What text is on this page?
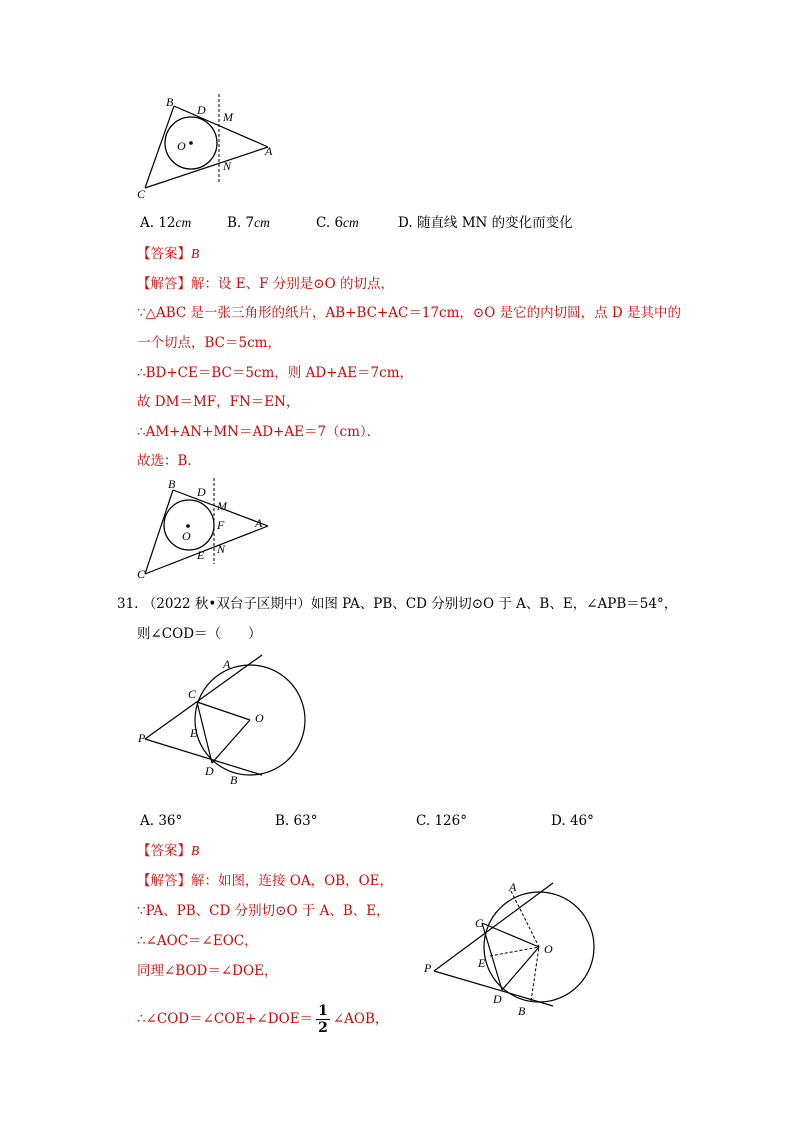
B
D M
O	A
N
C
A. 12cm	B. 7cm	C. 6cm	D. 随直线 MN 的变化而变化
【答案】B
【解答】解：设 E、F 分别是⊙O 的切点，
∵△ABC 是一张三角形的纸片，AB+BC+AC＝17cm，⊙O 是它的内切圆，点 D 是其中的
一个切点，BC＝5cm，
∴BD+CE＝BC＝5cm，则 AD+AE＝7cm，
故 DM＝MF，FN＝EN，
∴AM+AN+MN＝AD+AE＝7（cm）．
故选：B．
B
D
M
F
O
A
E N
C
31. （2022 秋•双台子区期中）如图 PA、PB、CD 分别切⊙O 于 A、B、E，∠APB＝54°，
则∠COD＝（　　）
A
C
O
P	E
D
B
A. 36°	B. 63°	C. 126°	D. 46°
【答案】B
【解答】解：如图，连接 OA，OB，OE，
∵PA、PB、CD 分别切⊙O 于 A、B、E，
∴∠AOC＝∠EOC，
同理∠BOD＝∠DOE，
∴∠COD＝∠COE+∠DOE＝ $\frac{1}{2}$ ∠AOB，
A
C
O
P	E
D
B
